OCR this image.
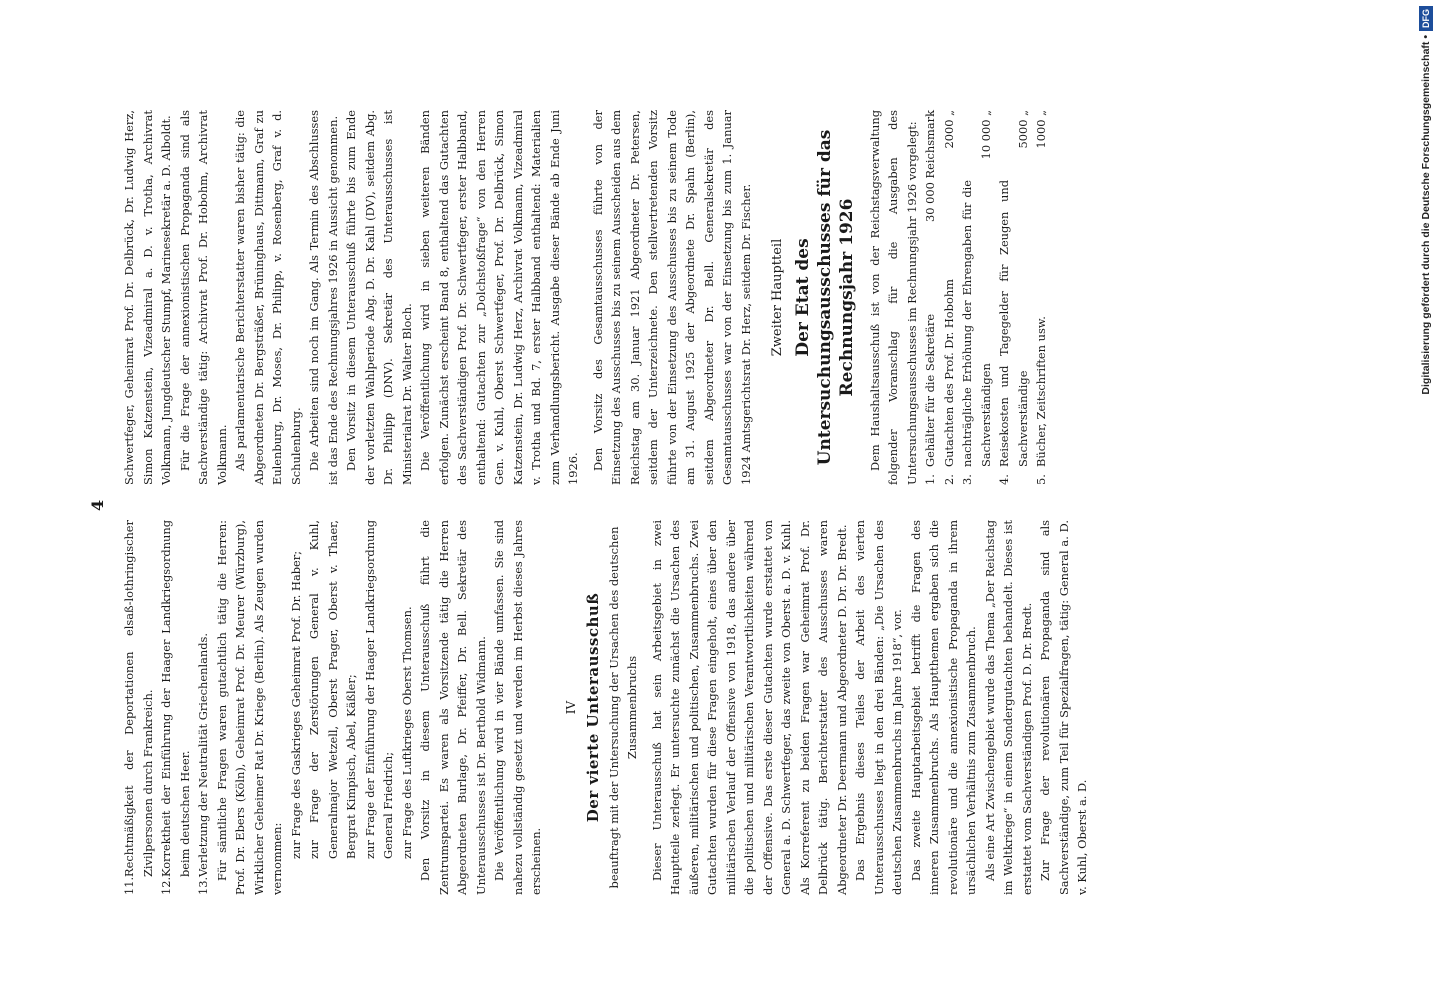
4
11.
Rechtmäßigkeit der Deportationen elsaß-lothringischer Zivilpersonen durch Frankreich.
12.
Korrektheit der Einführung der Haager Landkriegsordnung beim deutschen Heer.
13.
Verletzung der Neutralität Griechenlands. Für sämtliche Fragen waren gutachtlich tätig die Herren: Prof. Dr. Ebers (Köln), Geheimrat Prof. Dr. Meurer (Würzburg), Wirklicher Geheimer Rat Dr. Kriege (Berlin). Als Zeugen wurden vernommen: zur Frage des Gaskrieges Geheimrat Prof. Dr. Haber; zur Frage der Zerstörungen General v. Kuhl, Generalmajor Wetzell, Oberst Prager, Oberst v. Thaer, Bergrat Kimpisch, Abel, Käßler; zur Frage der Einführung der Haager Landkriegsordnung General Friedrich; zur Frage des Luftkrieges Oberst Thomsen. Den Vorsitz in diesem Unterausschuß führt die Zentrumspartei. Es waren als Vorsitzende tätig die Herren Abgeordneten Burlage, Dr. Pfeiffer, Dr. Bell. Sekretär des Unterausschusses ist Dr. Berthold Widmann. Die Veröffentlichung wird in vier Bände umfassen. Sie sind nahezu vollständig gesetzt und werden im Herbst dieses Jahres erscheinen.

IV Der vierte Unterausschuß beauftragt mit der Untersuchung der Ursachen des deutschen Zusammenbruchs Dieser Unterausschuß hat sein Arbeitsgebiet in zwei Hauptteile zerlegt. Er untersuchte zunächst die Ursachen des äußeren, militärischen und politischen, Zusammenbruchs. Zwei Gutachten wurden für diese Fragen eingeholt, eines über den militärischen Verlauf der Offensive von 1918, das andere über die politischen und militärischen Verantwortlichkeiten während der Offensive. Das erste dieser Gutachten wurde erstattet von General a. D. Schwertfeger, das zweite von Oberst a. D. v. Kuhl. Als Korreferent zu beiden Fragen war Geheimrat Prof. Dr. Delbrück tätig. Berichterstatter des Ausschusses waren Abgeordneter Dr. Deermann und Abgeordneter D. Dr. Dr. Bredt. Das Ergebnis dieses Teiles der Arbeit des vierten Unterausschusses liegt in den drei Bänden: „Die Ursachen des deutschen Zusammenbruchs im Jahre 1918“, vor. Das zweite Hauptarbeitsgebiet betrifft die Fragen des inneren Zusammenbruchs. Als Hauptthemen ergaben sich die revolutionäre und die annexionistische Propaganda in ihrem ursächlichen Verhältnis zum Zusammenbruch. Als eine Art Zwischengebiet wurde das Thema „Der Reichstag im Weltkriege“ in einem Sondergutachten behandelt. Dieses ist erstattet vom Sachverständigen Prof. D. Dr. Bredt. Zur Frage der revolutionären Propaganda sind als Sachverständige, zum Teil für Spezialfragen, tätig: General a. D. v. Kuhl, Oberst a. D.

Schwertfeger, Geheimrat Prof. Dr. Delbrück, Dr. Ludwig Herz, Simon Katzenstein, Vizeadmiral a. D. v. Trotha, Archivrat Volkmann, Jungdeutscher Stumpf, Marinesekretär a. D. Alboldt. Für die Frage der annexionistischen Propaganda sind als Sachverständige tätig: Archivrat Prof. Dr. Hobohm, Archivrat Volkmann. Als parlamentarische Berichterstatter waren bisher tätig: die Abgeordneten Dr. Bergsträßer, Brüninghaus, Dittmann, Graf zu Eulenburg, Dr. Moses, Dr. Philipp, v. Rosenberg, Graf v. d. Schulenburg. Die Arbeiten sind noch im Gang. Als Termin des Abschlusses ist das Ende des Rechnungsjahres 1926 in Aussicht genommen. Den Vorsitz in diesem Unterausschuß führte bis zum Ende der vorletzten Wahlperiode Abg. D. Dr. Kahl (DV), seitdem Abg. Dr. Philipp (DNV). Sekretär des Unterausschusses ist Ministerialrat Dr. Walter Bloch. Die Veröffentlichung wird in sieben weiteren Bänden erfolgen. Zunächst erscheint Band 8, enthaltend das Gutachten des Sachverständigen Prof. Dr. Schwertfeger, erster Halbband, enthaltend: Gutachten zur „Dolchstoßfrage“ von den Herren Gen. v. Kuhl, Oberst Schwertfeger, Prof. Dr. Delbrück, Simon Katzenstein, Dr. Ludwig Herz, Archivrat Volkmann, Vizeadmiral v. Trotha und Bd. 7, erster Halbband enthaltend: Materialien zum Verhandlungsbericht. Ausgabe dieser Bände ab Ende Juni 1926. Den Vorsitz des Gesamtausschusses führte von der Einsetzung des Ausschusses bis zu seinem Ausscheiden aus dem Reichstag am 30. Januar 1921 Abgeordneter Dr. Petersen, seitdem der Unterzeichnete. Den stellvertretenden Vorsitz führte von der Einsetzung des Ausschusses bis zu seinem Tode am 31. August 1925 der Abgeordnete Dr. Spahn (Berlin), seitdem Abgeordneter Dr. Bell. Generalsekretär des Gesamtausschusses war von der Einsetzung bis zum 1. Januar 1924 Amtsgerichtsrat Dr. Herz, seitdem Dr. Fischer. Zweiter Hauptteil Der Etat des Untersuchungsausschusses für das Rechnungsjahr 1926 Dem Haushaltsausschuß ist von der Reichstagsverwaltung folgender Voranschlag für die Ausgaben des Untersuchungsausschusses im Rechnungsjahr 1926 vorgelegt: 1.
Gehälter für die Sekretäre
30 000 Reichsmark
2.
Gutachten des Prof. Dr. Hobohm
2000 „
3.
nachträgliche Erhöhung der Ehrengaben für die Sachverständigen
10 000 „
4.
Reisekosten und Tagegelder für Zeugen und Sachverständige
5000 „
5.
Bücher, Zeitschriften usw.
1000 „	Digitalisierung gefördert durch die Deutsche Forschungsgemeinschaft •
DFG
